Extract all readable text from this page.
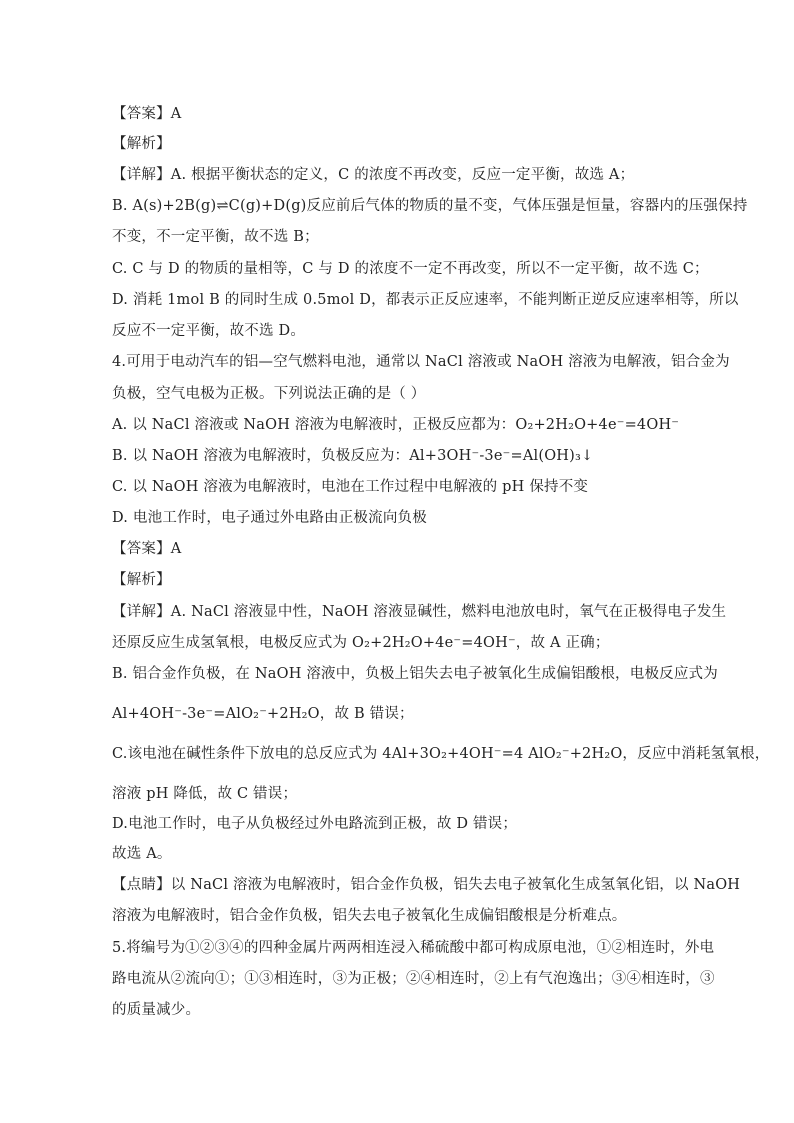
【答案】A
【解析】
【详解】A. 根据平衡状态的定义，C 的浓度不再改变，反应一定平衡，故选 A；
B. A(s)+2B(g)⇌C(g)+D(g)反应前后气体的物质的量不变，气体压强是恒量，容器内的压强保持
不变，不一定平衡，故不选 B；
C. C 与 D 的物质的量相等，C 与 D 的浓度不一定不再改变，所以不一定平衡，故不选 C；
D. 消耗 1mol B 的同时生成 0.5mol D，都表示正反应速率，不能判断正逆反应速率相等，所以
反应不一定平衡，故不选 D。
4.可用于电动汽车的铝—空气燃料电池，通常以 NaCl 溶液或 NaOH 溶液为电解液，铝合金为
负极，空气电极为正极。下列说法正确的是（ ）
A. 以 NaCl 溶液或 NaOH 溶液为电解液时，正极反应都为：O₂+2H₂O+4e⁻=4OH⁻
B. 以 NaOH 溶液为电解液时，负极反应为：Al+3OH⁻-3e⁻=Al(OH)₃↓
C. 以 NaOH 溶液为电解液时，电池在工作过程中电解液的 pH 保持不变
D. 电池工作时，电子通过外电路由正极流向负极
【答案】A
【解析】
【详解】A. NaCl 溶液显中性，NaOH 溶液显碱性，燃料电池放电时，氧气在正极得电子发生
还原反应生成氢氧根，电极反应式为 O₂+2H₂O+4e⁻=4OH⁻，故 A 正确；
B. 铝合金作负极，在 NaOH 溶液中，负极上铝失去电子被氧化生成偏铝酸根，电极反应式为
Al+4OH⁻-3e⁻=AlO₂⁻+2H₂O，故 B 错误；
C.该电池在碱性条件下放电的总反应式为 4Al+3O₂+4OH⁻=4 AlO₂⁻+2H₂O，反应中消耗氢氧根，
溶液 pH 降低，故 C 错误；
D.电池工作时，电子从负极经过外电路流到正极，故 D 错误；
故选 A。
【点睛】以 NaCl 溶液为电解液时，铝合金作负极，铝失去电子被氧化生成氢氧化铝，以 NaOH
溶液为电解液时，铝合金作负极，铝失去电子被氧化生成偏铝酸根是分析难点。
5.将编号为①②③④的四种金属片两两相连浸入稀硫酸中都可构成原电池，①②相连时，外电
路电流从②流向①；①③相连时，③为正极；②④相连时，②上有气泡逸出；③④相连时，③
的质量减少。
